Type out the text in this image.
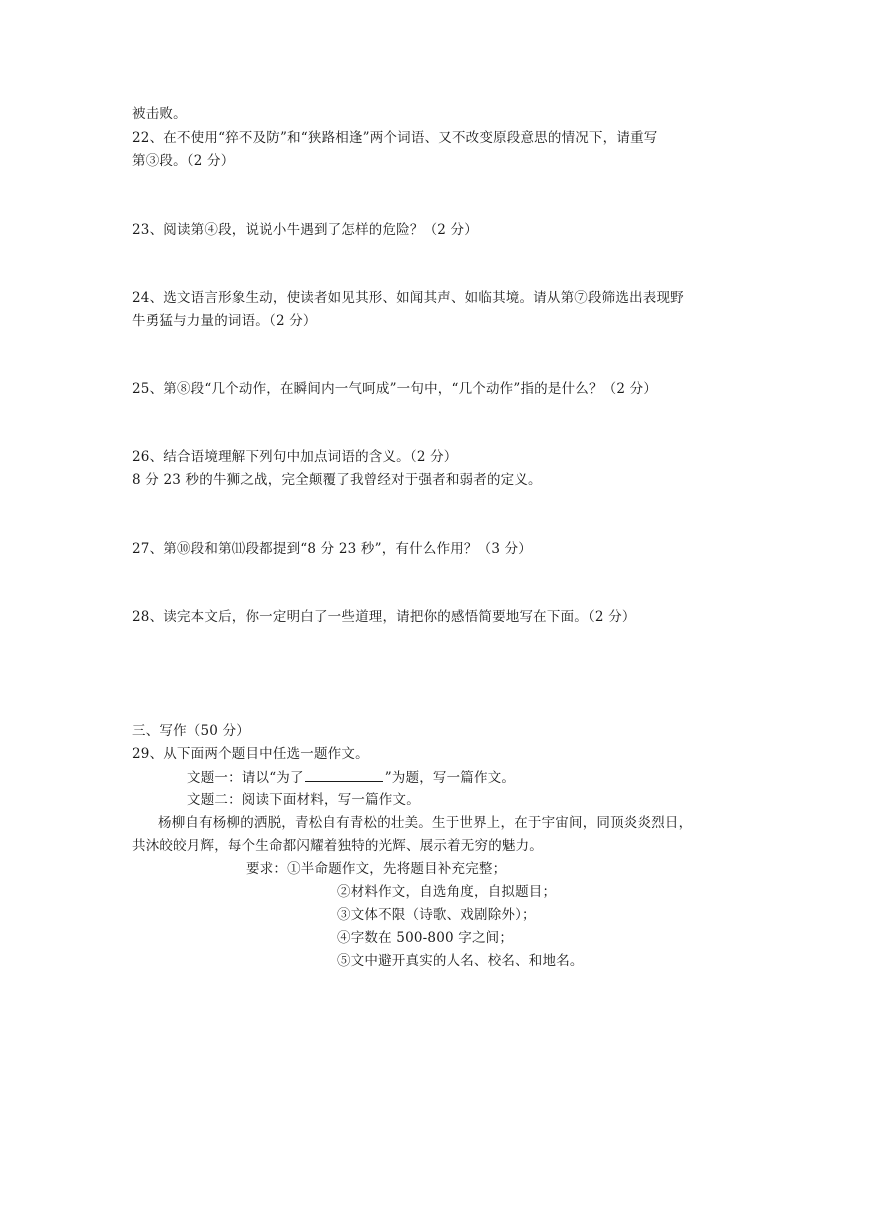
被击败。
22、在不使用“猝不及防”和“狭路相逢”两个词语、又不改变原段意思的情况下，请重写
第③段。（2 分）
23、阅读第④段，说说小牛遇到了怎样的危险？（2 分）
24、选文语言形象生动，使读者如见其形、如闻其声、如临其境。请从第⑦段筛选出表现野
牛勇猛与力量的词语。（2 分）
25、第⑧段“几个动作，在瞬间内一气呵成”一句中，“几个动作”指的是什么？（2 分）
26、结合语境理解下列句中加点词语的含义。（2 分）
8 分 23 秒的牛狮之战，完全颠覆了我曾经对于强者和弱者的定义。
27、第⑩段和第⑾段都提到“8 分 23 秒”，有什么作用？（3 分）
28、读完本文后，你一定明白了一些道理，请把你的感悟简要地写在下面。（2 分）
三、写作（50 分）
29、从下面两个题目中任选一题作文。
文题一：请以“为了	”为题，写一篇作文。
文题二：阅读下面材料，写一篇作文。
杨柳自有杨柳的洒脱，青松自有青松的壮美。生于世界上，在于宇宙间，同顶炎炎烈日，
共沐皎皎月辉，每个生命都闪耀着独特的光辉、展示着无穷的魅力。
要求：①半命题作文，先将题目补充完整；
②材料作文，自选角度，自拟题目；
③文体不限（诗歌、戏剧除外）；
④字数在 500-800 字之间；
⑤文中避开真实的人名、校名、和地名。
